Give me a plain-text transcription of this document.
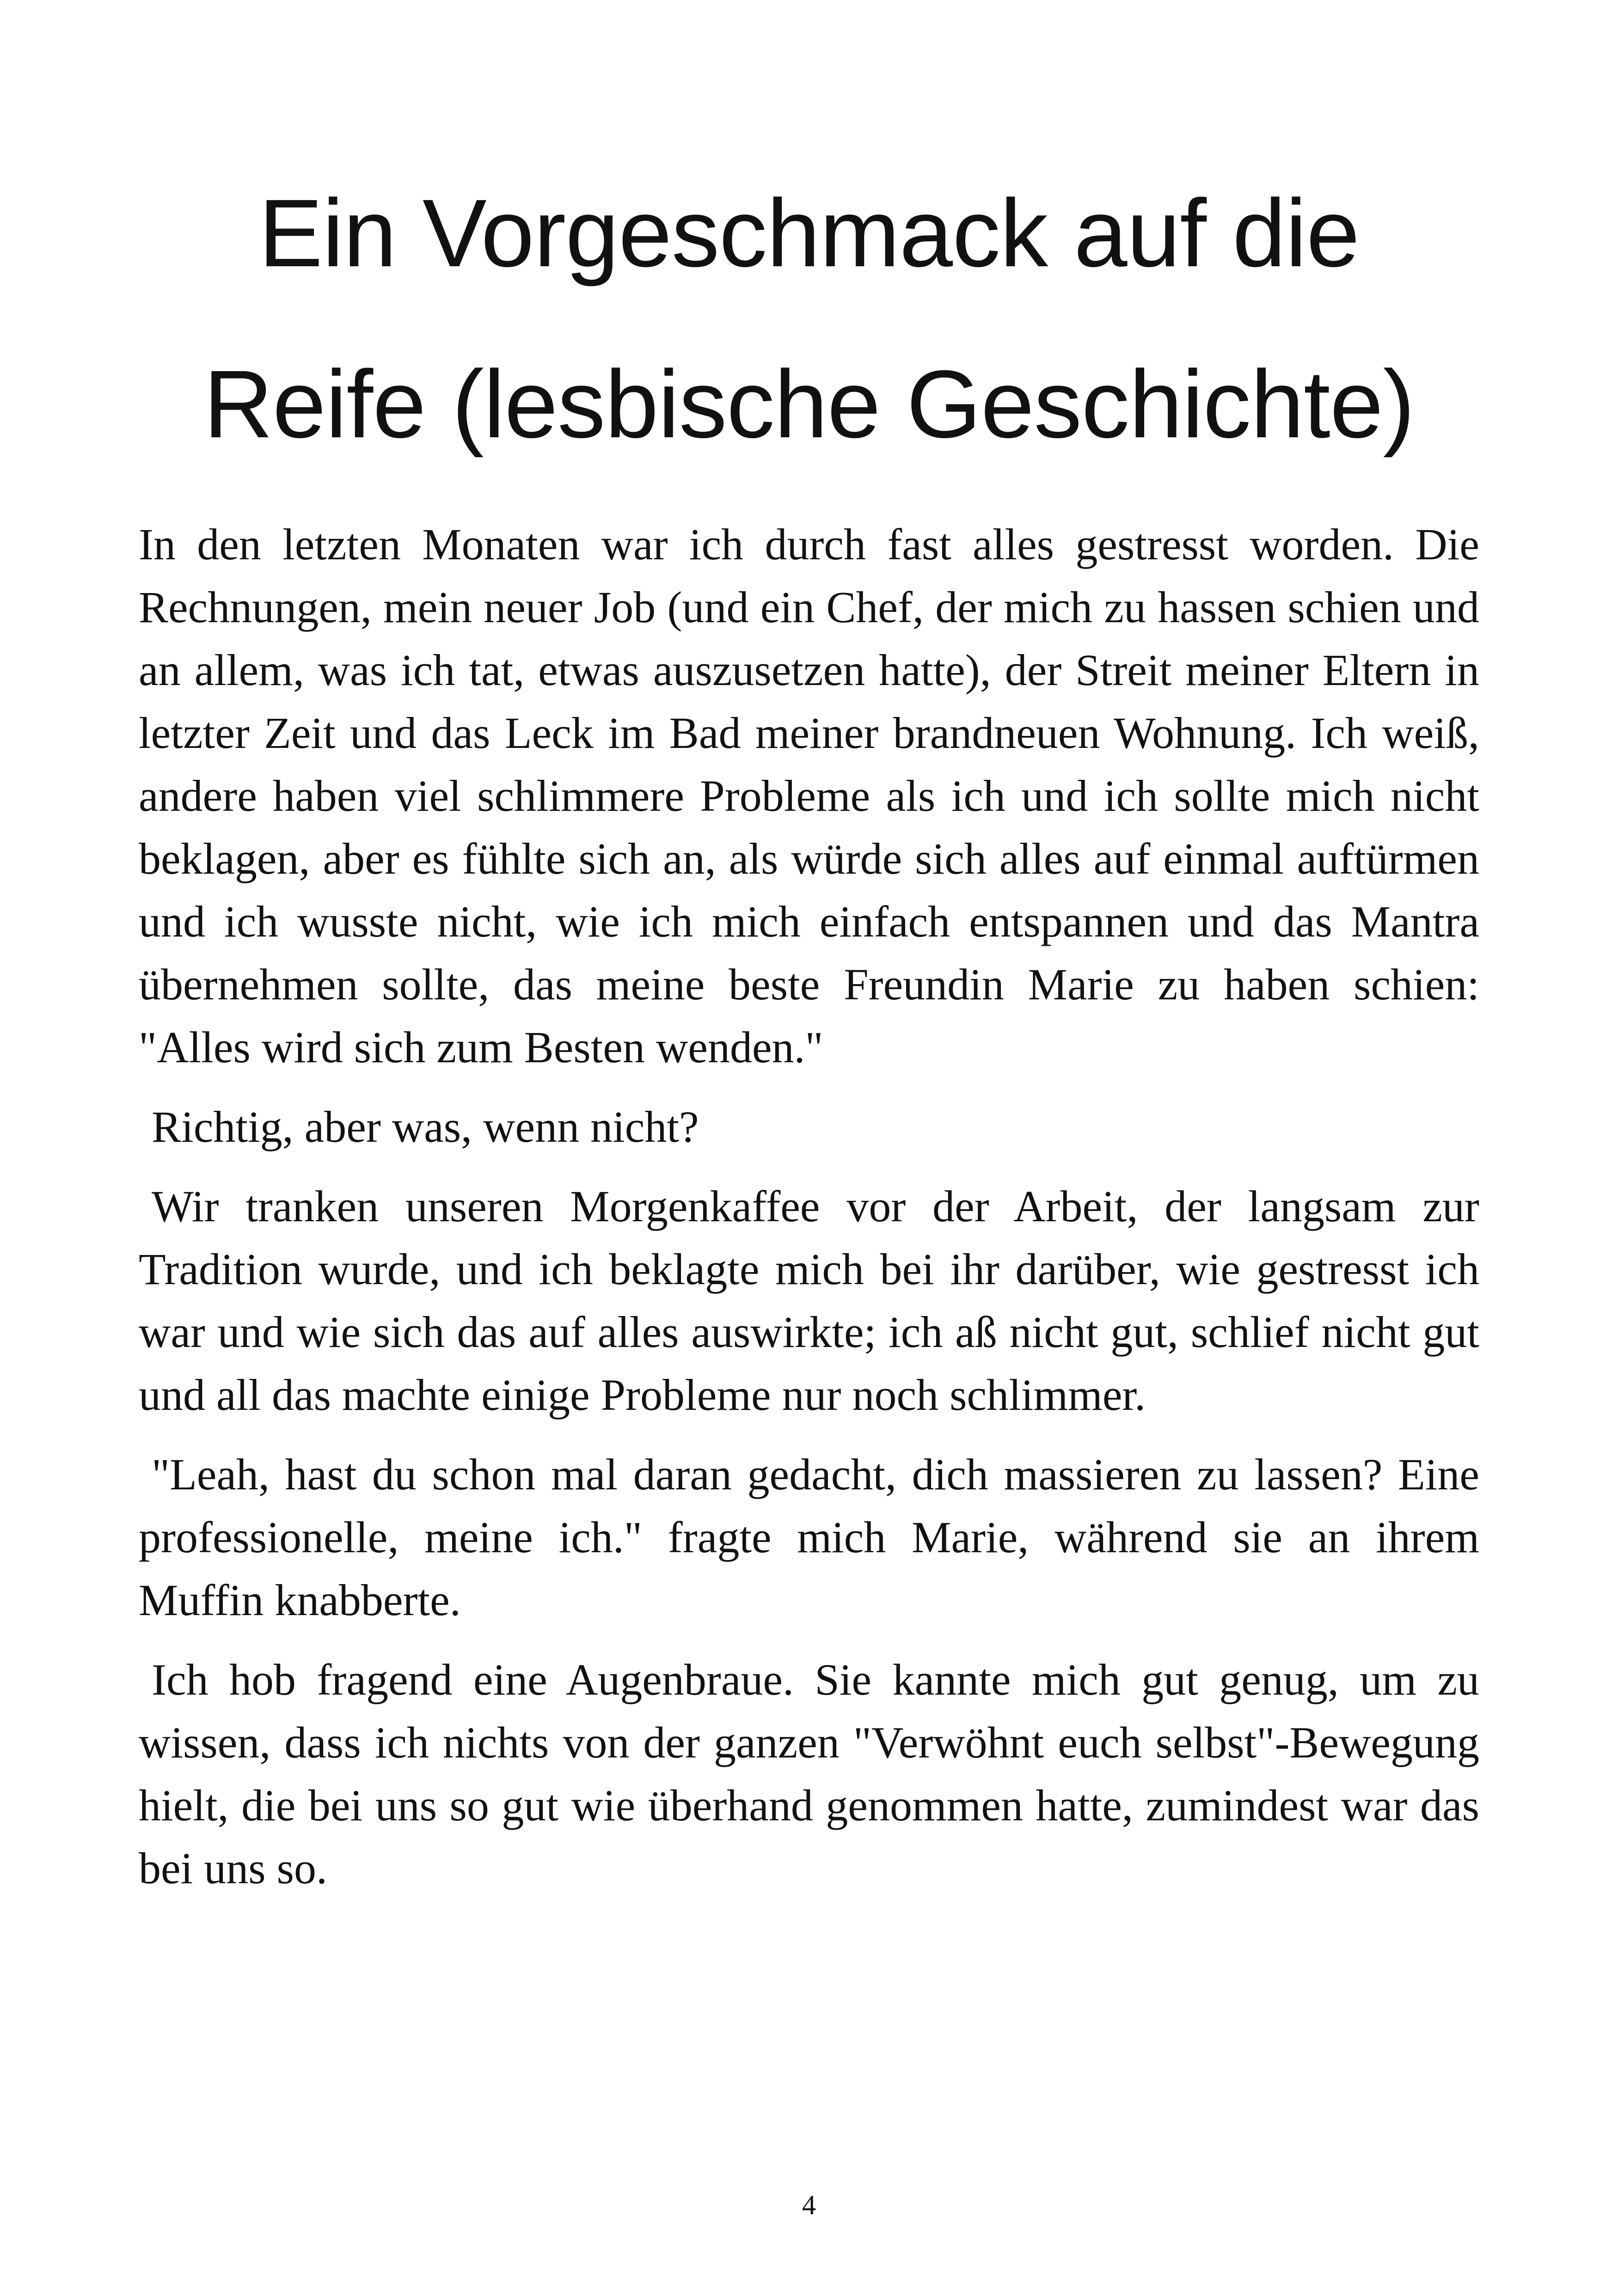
Ein Vorgeschmack auf die
Reife (lesbische Geschichte)

In den letzten Monaten war ich durch fast alles gestresst worden. Die Rechnungen, mein neuer Job (und ein Chef, der mich zu hassen schien und an allem, was ich tat, etwas auszusetzen hatte), der Streit meiner Eltern in letzter Zeit und das Leck im Bad meiner brandneuen Wohnung. Ich weiß, andere haben viel schlimmere Probleme als ich und ich sollte mich nicht beklagen, aber es fühlte sich an, als würde sich alles auf einmal auftürmen und ich wusste nicht, wie ich mich einfach entspannen und das Mantra übernehmen sollte, das meine beste Freundin Marie zu haben schien: "Alles wird sich zum Besten wenden."

Richtig, aber was, wenn nicht?

Wir tranken unseren Morgenkaffee vor der Arbeit, der langsam zur Tradition wurde, und ich beklagte mich bei ihr darüber, wie gestresst ich war und wie sich das auf alles auswirkte; ich aß nicht gut, schlief nicht gut und all das machte einige Probleme nur noch schlimmer.

"Leah, hast du schon mal daran gedacht, dich massieren zu lassen? Eine professionelle, meine ich." fragte mich Marie, während sie an ihrem Muffin knabberte.

Ich hob fragend eine Augenbraue. Sie kannte mich gut genug, um zu wissen, dass ich nichts von der ganzen "Verwöhnt euch selbst"-Bewegung hielt, die bei uns so gut wie überhand genommen hatte, zumindest war das bei uns so.

4
